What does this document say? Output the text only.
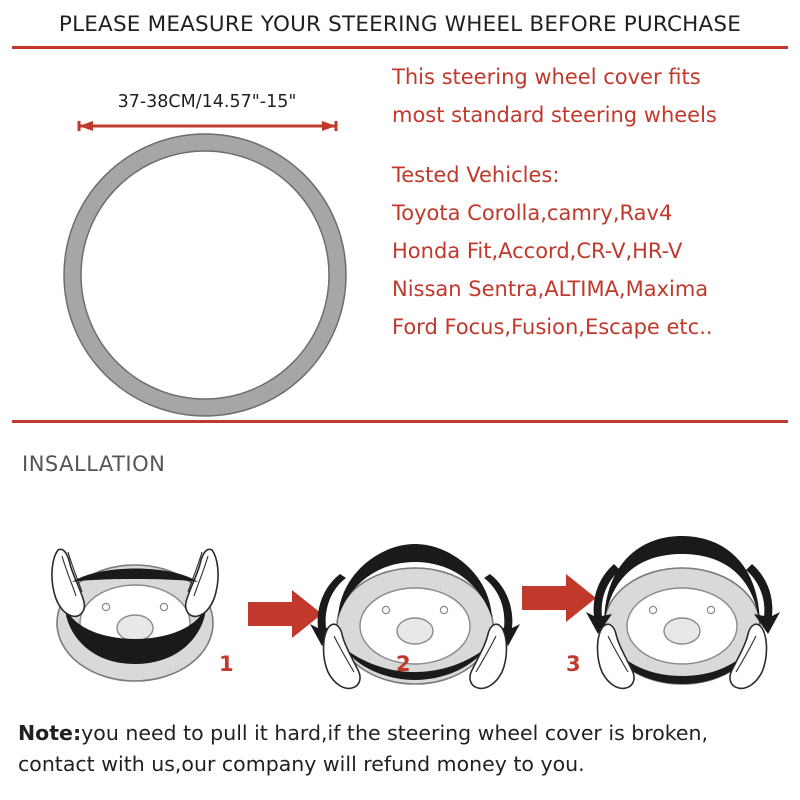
PLEASE MEASURE YOUR STEERING WHEEL BEFORE PURCHASE
37-38CM/14.57"-15"
This steering wheel cover fits
most standard steering wheels
Tested Vehicles:
Toyota Corolla,camry,Rav4
Honda Fit,Accord,CR-V,HR-V
Nissan Sentra,ALTIMA,Maxima
Ford Focus,Fusion,Escape etc..
INSALLATION
1	2	3
Note:you need to pull it hard,if the steering wheel cover is broken, contact with us,our company will refund money to you.
